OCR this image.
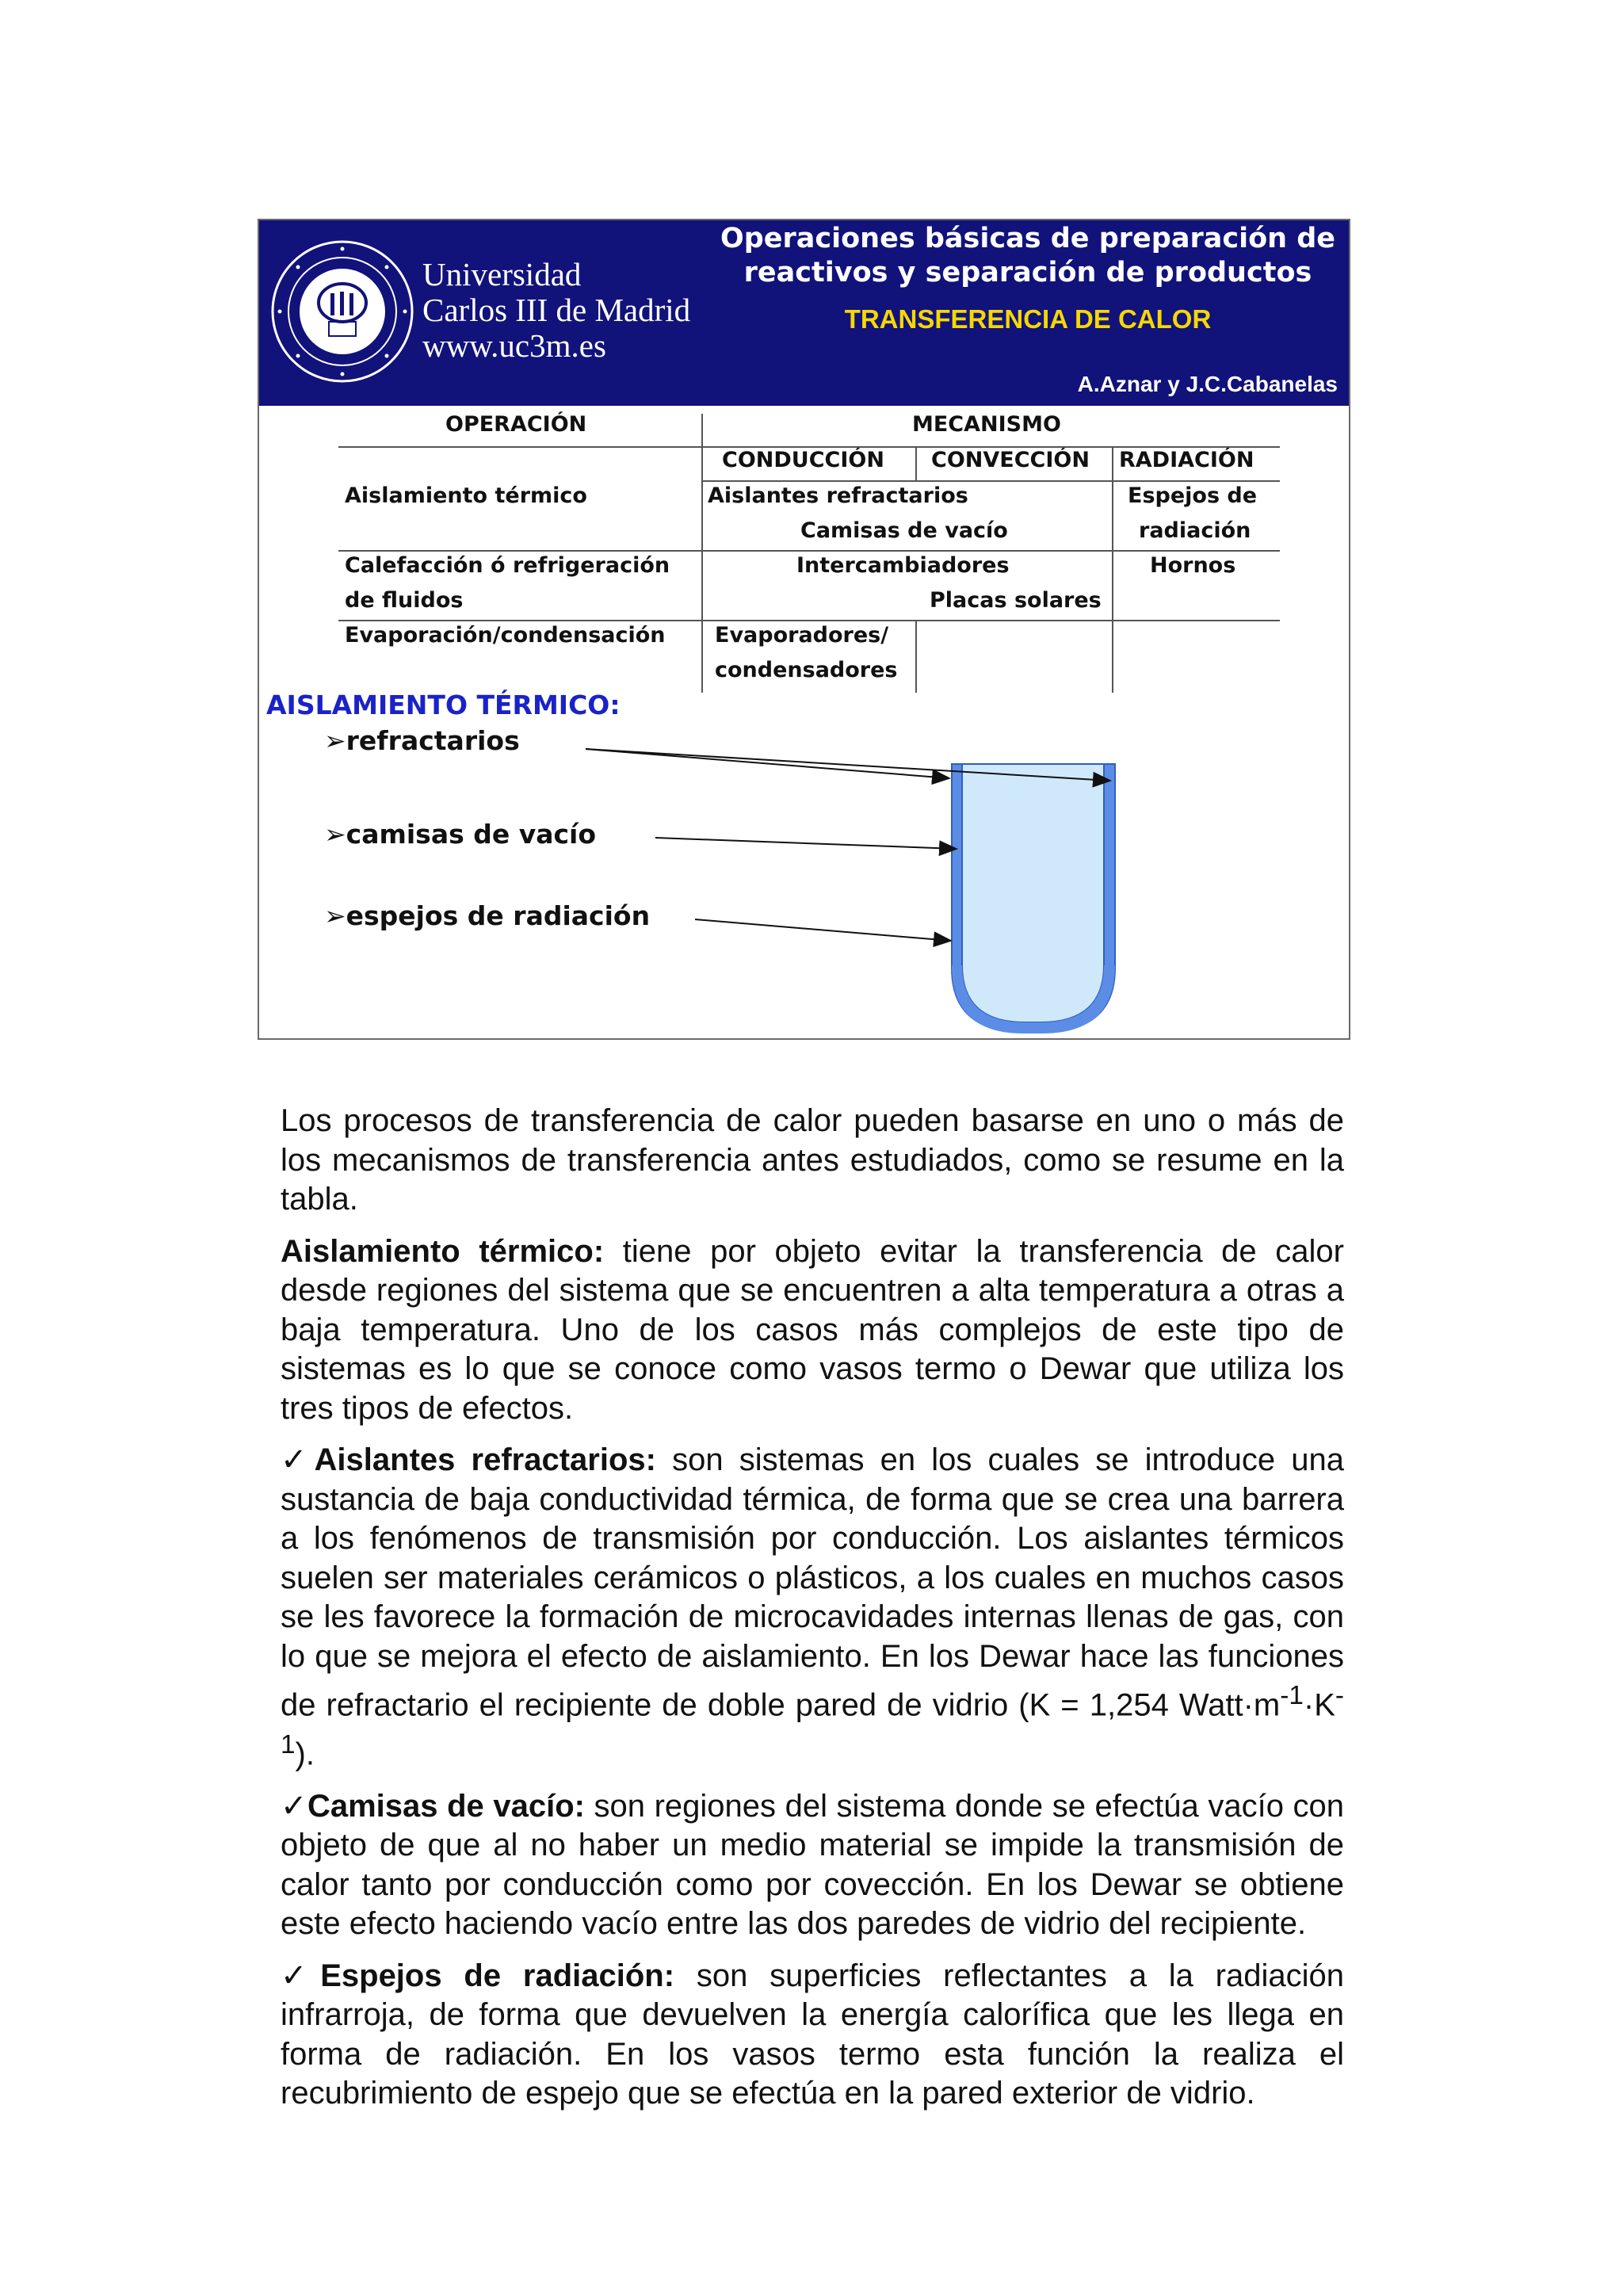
Universidad
Carlos III de Madrid
www.uc3m.es
Operaciones básicas de preparación de
reactivos y separación de productos
TRANSFERENCIA DE CALOR
A.Aznar y J.C.Cabanelas
OPERACIÓN	MECANISMO
CONDUCCIÓN CONVECCIÓN RADIACIÓN
Aislamiento térmico	Aislantes refractarios
Camisas de vacío
Espejos de
radiación
Calefacción ó refrigeración
de fluidos
Intercambiadores
Placas solares
Hornos
Evaporación/condensación Evaporadores/
condensadores
AISLAMIENTO TÉRMICO:
➢refractarios
➢camisas de vacío
➢espejos de radiación

Los procesos de transferencia de calor pueden basarse en uno o más de los mecanismos de transferencia antes estudiados, como se resume en la tabla.

Aislamiento térmico: tiene por objeto evitar la transferencia de calor desde regiones del sistema que se encuentren a alta temperatura a otras a baja temperatura. Uno de los casos más complejos de este tipo de sistemas es lo que se conoce como vasos termo o Dewar que utiliza los tres tipos de efectos.

✓Aislantes refractarios: son sistemas en los cuales se introduce una sustancia de baja conductividad térmica, de forma que se crea una barrera a los fenómenos de transmisión por conducción. Los aislantes térmicos suelen ser materiales cerámicos o plásticos, a los cuales en muchos casos se les favorece la formación de microcavidades internas llenas de gas, con lo que se mejora el efecto de aislamiento. En los Dewar hace las funciones de refractario el recipiente de doble pared de vidrio (K = 1,254 $Watt\cdot m^{-1}\cdot K^{-1}$).

✓Camisas de vacío: son regiones del sistema donde se efectúa vacío con objeto de que al no haber un medio material se impide la transmisión de calor tanto por conducción como por covección. En los Dewar se obtiene este efecto haciendo vacío entre las dos paredes de vidrio del recipiente.

✓Espejos de radiación: son superficies reflectantes a la radiación infrarroja, de forma que devuelven la energía calorífica que les llega en forma de radiación. En los vasos termo esta función la realiza el recubrimiento de espejo que se efectúa en la pared exterior de vidrio.
